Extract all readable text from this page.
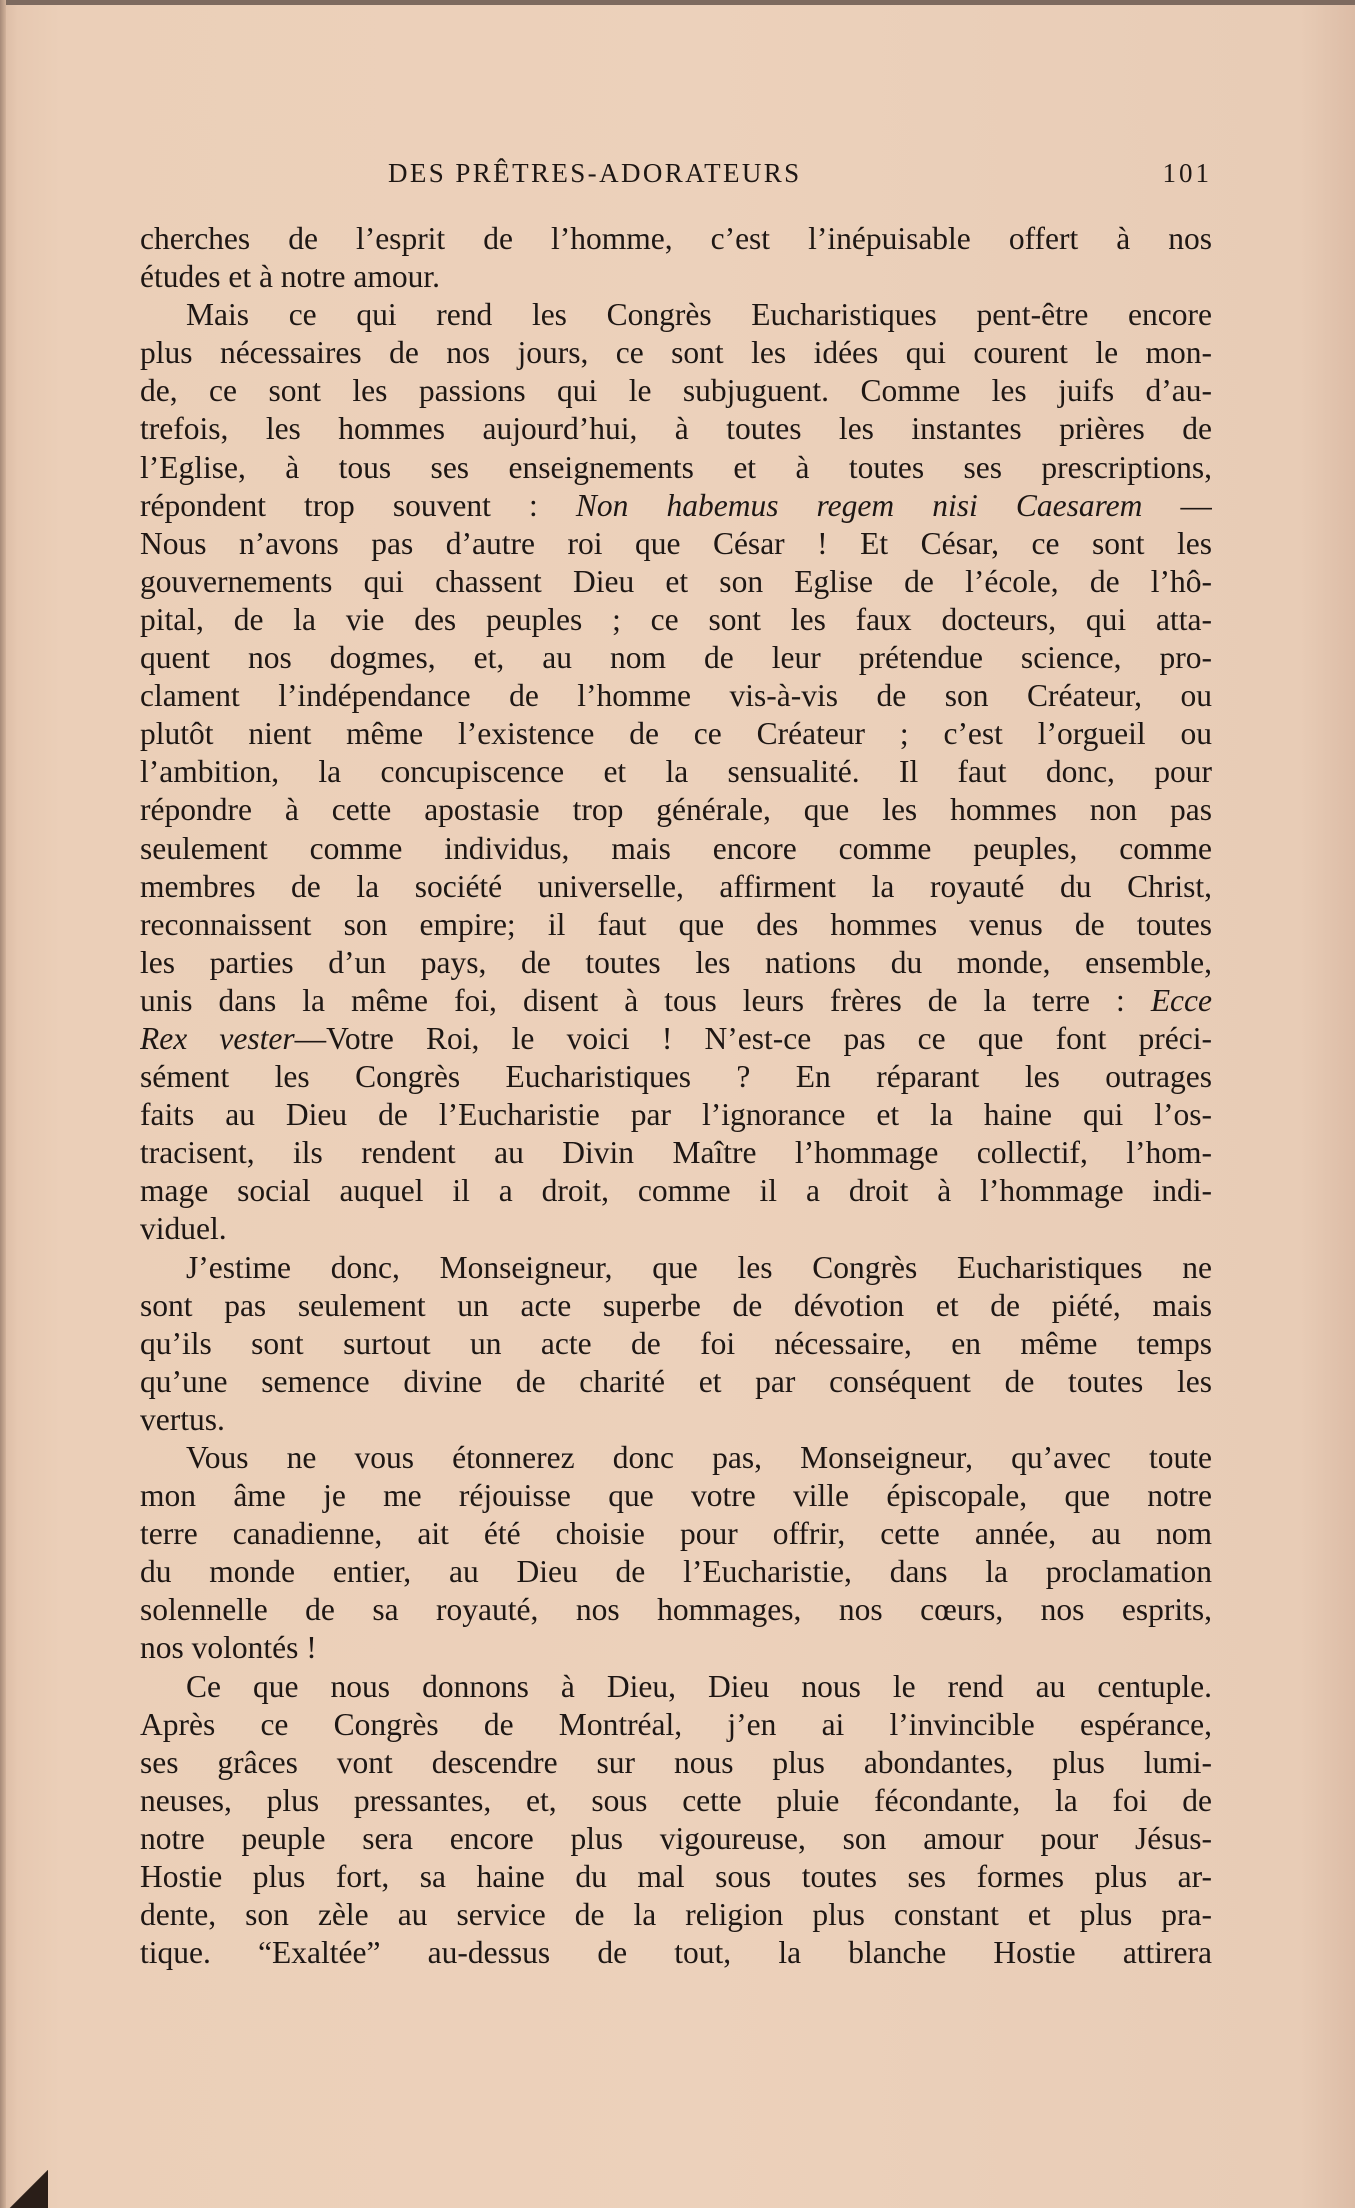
DES PRÊTRES-ADORATEURS	101
cherches de l’esprit de l’homme, c’est l’inépuisable offert à nos
études et à notre amour.
Mais ce qui rend les Congrès Eucharistiques pent-être encore
plus nécessaires de nos jours, ce sont les idées qui courent le mon-
de, ce sont les passions qui le subjuguent. Comme les juifs d’au-
trefois, les hommes aujourd’hui, à toutes les instantes prières de
l’Eglise, à tous ses enseignements et à toutes ses prescriptions,
répondent trop souvent : Non habemus regem nisi Caesarem —
Nous n’avons pas d’autre roi que César ! Et César, ce sont les
gouvernements qui chassent Dieu et son Eglise de l’école, de l’hô-
pital, de la vie des peuples ; ce sont les faux docteurs, qui atta-
quent nos dogmes, et, au nom de leur prétendue science, pro-
clament l’indépendance de l’homme vis-à-vis de son Créateur, ou
plutôt nient même l’existence de ce Créateur ; c’est l’orgueil ou
l’ambition, la concupiscence et la sensualité. Il faut donc, pour
répondre à cette apostasie trop générale, que les hommes non pas
seulement comme individus, mais encore comme peuples, comme
membres de la société universelle, affirment la royauté du Christ,
reconnaissent son empire; il faut que des hommes venus de toutes
les parties d’un pays, de toutes les nations du monde, ensemble,
unis dans la même foi, disent à tous leurs frères de la terre : Ecce
Rex vester—Votre Roi, le voici ! N’est-ce pas ce que font préci-
sément les Congrès Eucharistiques ? En réparant les outrages
faits au Dieu de l’Eucharistie par l’ignorance et la haine qui l’os-
tracisent, ils rendent au Divin Maître l’hommage collectif, l’hom-
mage social auquel il a droit, comme il a droit à l’hommage indi-
viduel.
J’estime donc, Monseigneur, que les Congrès Eucharistiques ne
sont pas seulement un acte superbe de dévotion et de piété, mais
qu’ils sont surtout un acte de foi nécessaire, en même temps
qu’une semence divine de charité et par conséquent de toutes les
vertus.
Vous ne vous étonnerez donc pas, Monseigneur, qu’avec toute
mon âme je me réjouisse que votre ville épiscopale, que notre
terre canadienne, ait été choisie pour offrir, cette année, au nom
du monde entier, au Dieu de l’Eucharistie, dans la proclamation
solennelle de sa royauté, nos hommages, nos cœurs, nos esprits,
nos volontés !
Ce que nous donnons à Dieu, Dieu nous le rend au centuple.
Après ce Congrès de Montréal, j’en ai l’invincible espérance,
ses grâces vont descendre sur nous plus abondantes, plus lumi-
neuses, plus pressantes, et, sous cette pluie fécondante, la foi de
notre peuple sera encore plus vigoureuse, son amour pour Jésus-
Hostie plus fort, sa haine du mal sous toutes ses formes plus ar-
dente, son zèle au service de la religion plus constant et plus pra-
tique. “Exaltée” au-dessus de tout, la blanche Hostie attirera
